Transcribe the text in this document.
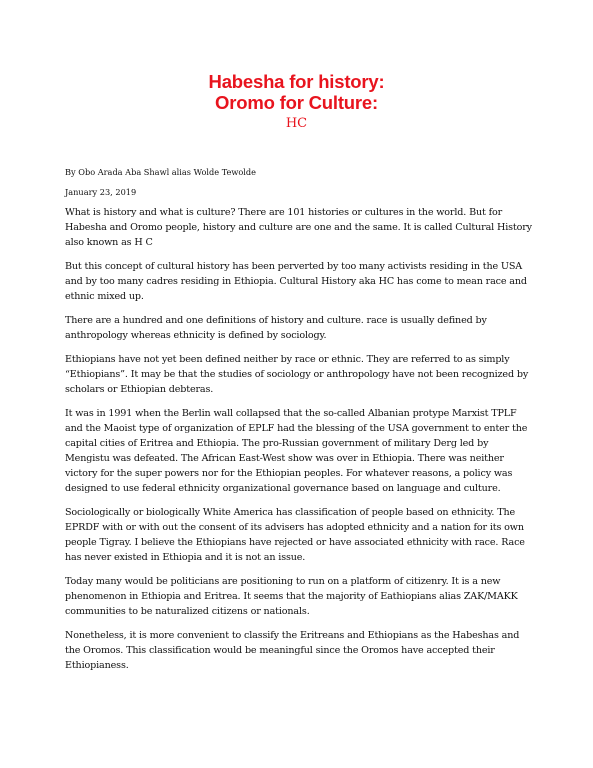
Habesha for history:
Oromo for Culture:
HC

By Obo Arada Aba Shawl alias Wolde Tewolde

January 23, 2019

What is history and what is culture? There are 101 histories or cultures in the world. But for Habesha and Oromo people, history and culture are one and the same. It is called Cultural History also known as H C

But this concept of cultural history has been perverted by too many activists residing in the USA and by too many cadres residing in Ethiopia. Cultural History aka HC has come to mean race and ethnic mixed up.

There are a hundred and one definitions of history and culture. race is usually defined by anthropology whereas ethnicity is defined by sociology.

Ethiopians have not yet been defined neither by race or ethnic. They are referred to as simply “Ethiopians”. It may be that the studies of sociology or anthropology have not been recognized by scholars or Ethiopian debteras.

It was in 1991 when the Berlin wall collapsed that the so-called Albanian protype Marxist TPLF and the Maoist type of organization of EPLF had the blessing of the USA government to enter the capital cities of Eritrea and Ethiopia. The pro-Russian government of military Derg led by Mengistu was defeated. The African East-West show was over in Ethiopia. There was neither victory for the super powers nor for the Ethiopian peoples. For whatever reasons, a policy was designed to use federal ethnicity organizational governance based on language and culture.

Sociologically or biologically White America has classification of people based on ethnicity. The EPRDF with or with out the consent of its advisers has adopted ethnicity and a nation for its own people Tigray. I believe the Ethiopians have rejected or have associated ethnicity with race. Race has never existed in Ethiopia and it is not an issue.

Today many would be politicians are positioning to run on a platform of citizenry. It is a new phenomenon in Ethiopia and Eritrea. It seems that the majority of Eathiopians alias ZAK/MAKK communities to be naturalized citizens or nationals.

Nonetheless, it is more convenient to classify the Eritreans and Ethiopians as the Habeshas and the Oromos. This classification would be meaningful since the Oromos have accepted their Ethiopianess.
